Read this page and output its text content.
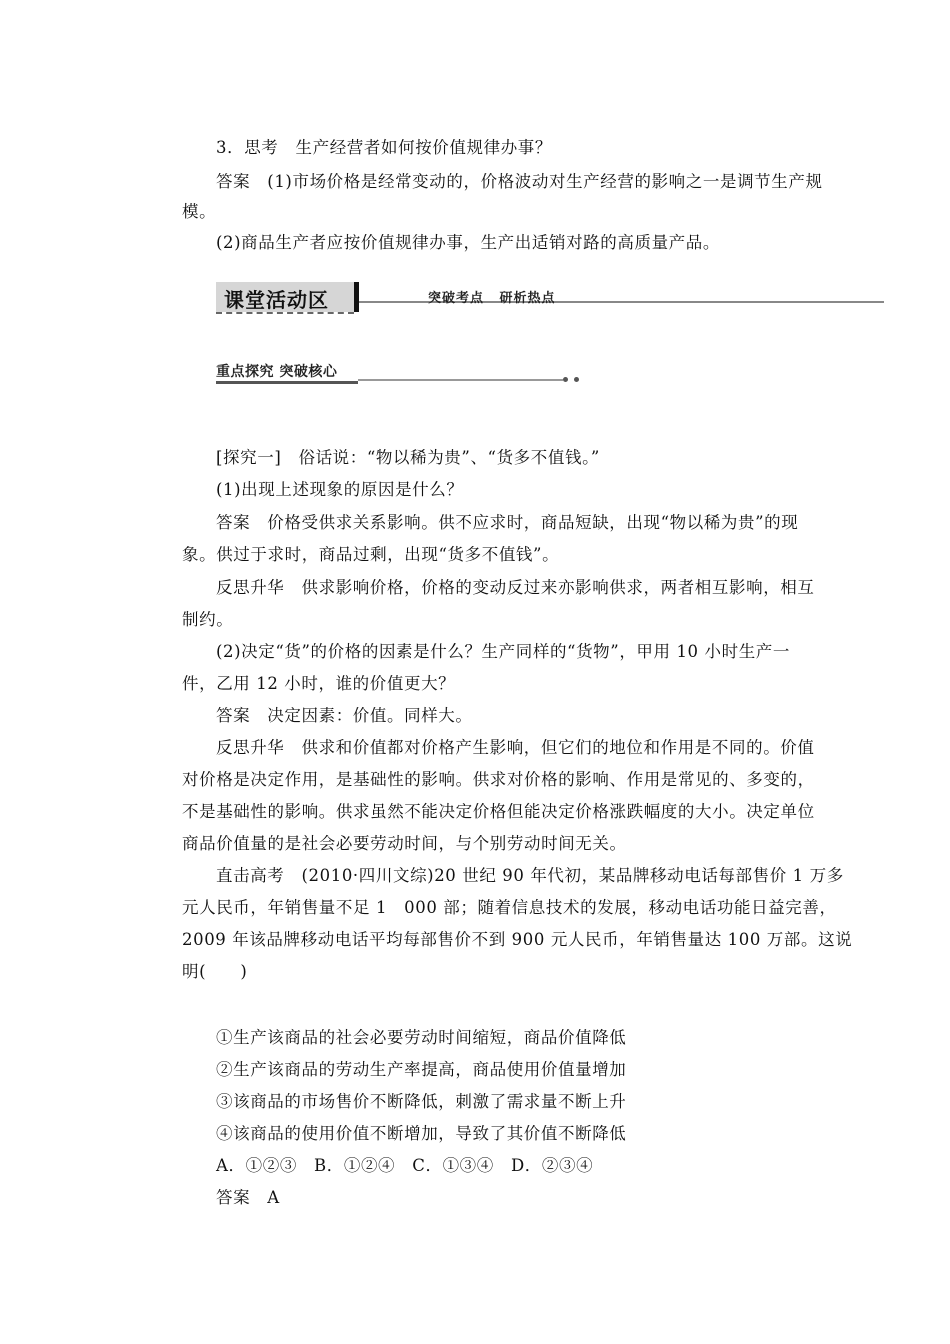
3．思考　生产经营者如何按价值规律办事？
答案　(1)市场价格是经常变动的，价格波动对生产经营的影响之一是调节生产规
模。
(2)商品生产者应按价值规律办事，生产出适销对路的高质量产品。
课堂活动区	突破考点 研析热点
重点探究 突破核心
[探究一]　俗话说：“物以稀为贵”、“货多不值钱。”
(1)出现上述现象的原因是什么？
答案　价格受供求关系影响。供不应求时，商品短缺，出现“物以稀为贵”的现
象。供过于求时，商品过剩，出现“货多不值钱”。
反思升华　供求影响价格，价格的变动反过来亦影响供求，两者相互影响，相互
制约。
(2)决定“货”的价格的因素是什么？生产同样的“货物”，甲用 10 小时生产一
件，乙用 12 小时，谁的价值更大？
答案　决定因素：价值。同样大。
反思升华　供求和价值都对价格产生影响，但它们的地位和作用是不同的。价值
对价格是决定作用，是基础性的影响。供求对价格的影响、作用是常见的、多变的，
不是基础性的影响。供求虽然不能决定价格但能决定价格涨跌幅度的大小。决定单位
商品价值量的是社会必要劳动时间，与个别劳动时间无关。
直击高考　(2010·四川文综)20 世纪 90 年代初，某品牌移动电话每部售价 1 万多
元人民币，年销售量不足 1　000 部；随着信息技术的发展，移动电话功能日益完善，
2009 年该品牌移动电话平均每部售价不到 900 元人民币，年销售量达 100 万部。这说
明(　　)
①生产该商品的社会必要劳动时间缩短，商品价值降低
②生产该商品的劳动生产率提高，商品使用价值量增加
③该商品的市场售价不断降低，刺激了需求量不断上升
④该商品的使用价值不断增加，导致了其价值不断降低
A．①②③　B．①②④　C．①③④　D．②③④
答案　A
